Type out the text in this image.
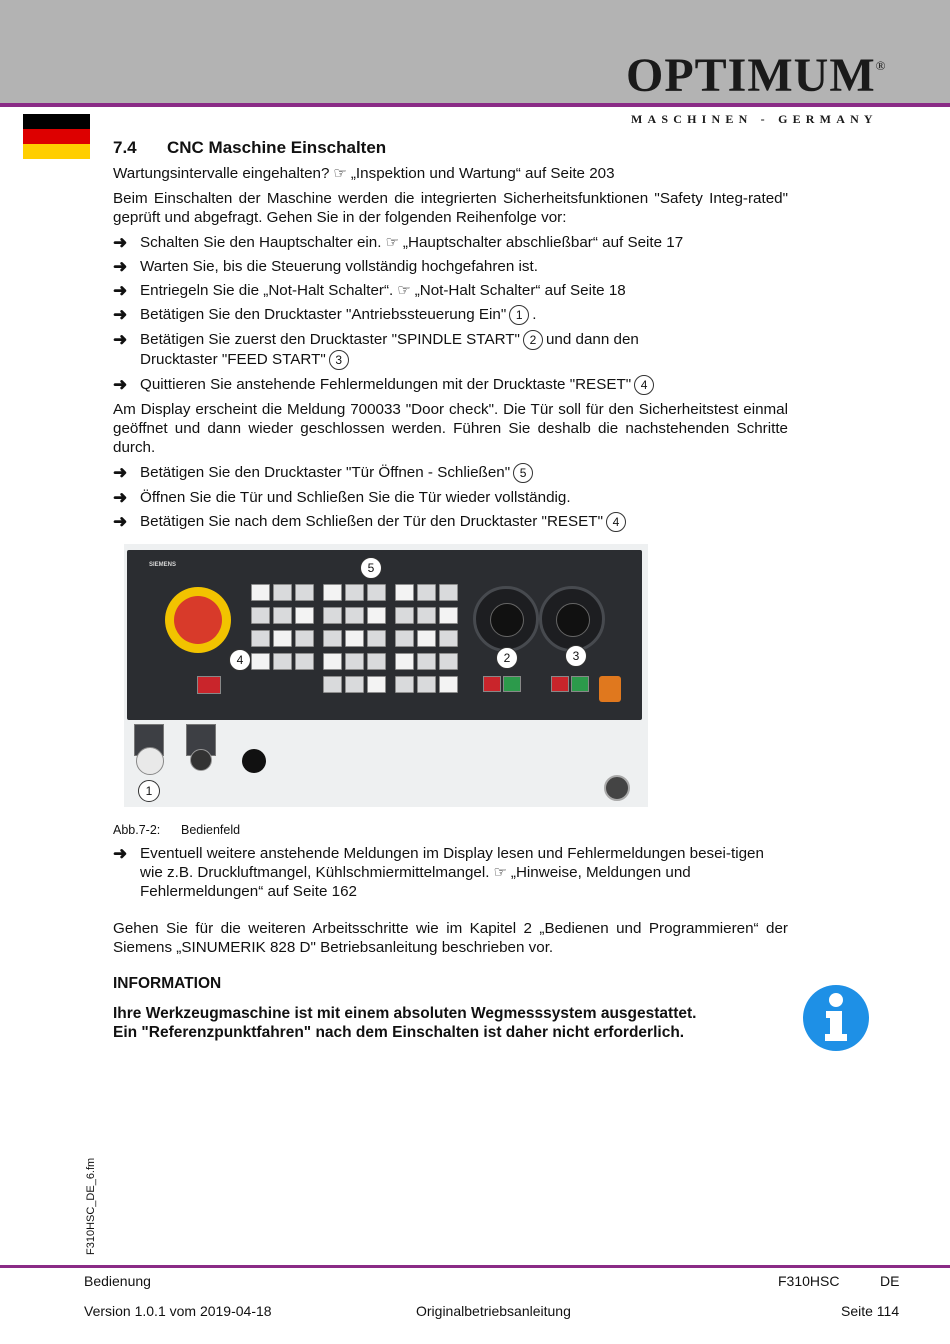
OPTIMUM®
MASCHINEN - GERMANY
7.4	CNC Maschine Einschalten

Wartungsintervalle eingehalten? ☞ „Inspektion und Wartung“ auf Seite 203

Beim Einschalten der Maschine werden die integrierten Sicherheitsfunktionen "Safety Integ-rated" geprüft und abgefragt. Gehen Sie in der folgenden Reihenfolge vor:

➜ Schalten Sie den Hauptschalter ein. ☞ „Hauptschalter abschließbar“ auf Seite 17
➜ Warten Sie, bis die Steuerung vollständig hochgefahren ist.
➜ Entriegeln Sie die „Not-Halt Schalter“. ☞ „Not-Halt Schalter“ auf Seite 18
➜ Betätigen Sie den Drucktaster "Antriebssteuerung Ein" 1 .
➜ Betätigen Sie zuerst den Drucktaster "SPINDLE START" 2 und dann den
Drucktaster "FEED START" 3
➜ Quittieren Sie anstehende Fehlermeldungen mit der Drucktaste "RESET" 4

Am Display erscheint die Meldung 700033 "Door check". Die Tür soll für den Sicherheitstest einmal geöffnet und dann wieder geschlossen werden. Führen Sie deshalb die nachstehenden Schritte durch.

➜ Betätigen Sie den Drucktaster "Tür Öffnen - Schließen" 5
➜ Öffnen Sie die Tür und Schließen Sie die Tür wieder vollständig.
➜ Betätigen Sie nach dem Schließen der Tür den Drucktaster "RESET" 4
SIEMENS	5
4	2	3
1
Abb.7-2:	Bedienfeld
➜ Eventuell weitere anstehende Meldungen im Display lesen und Fehlermeldungen besei-tigen wie z.B. Druckluftmangel, Kühlschmiermittelmangel. ☞ „Hinweise, Meldungen und Fehlermeldungen“ auf Seite 162

Gehen Sie für die weiteren Arbeitsschritte wie im Kapitel 2 „Bedienen und Programmieren“ der Siemens „SINUMERIK 828 D" Betriebsanleitung beschrieben vor.

INFORMATION
Ihre Werkzeugmaschine ist mit einem absoluten Wegmesssystem ausgestattet.
Ein "Referenzpunktfahren" nach dem Einschalten ist daher nicht erforderlich.
F310HSC_DE_6.fm
Bedienung	F310HSC	DE
Version 1.0.1 vom 2019-04-18	Originalbetriebsanleitung	Seite 114
